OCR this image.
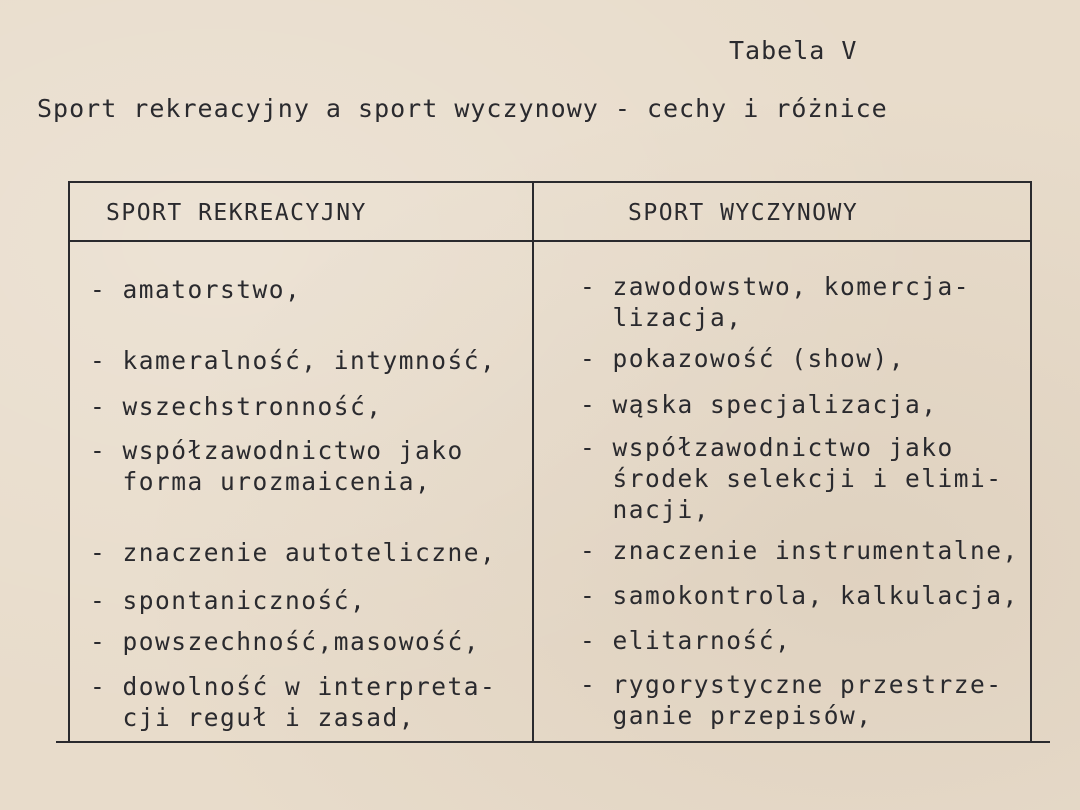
Tabela V
Sport rekreacyjny a sport wyczynowy - cechy i różnice
SPORT REKREACYJNY	SPORT WYCZYNOWY
- amatorstwo,
- kameralność, intymność,
- wszechstronność,
- współzawodnictwo jako
forma urozmaicenia,
- znaczenie autoteliczne,
- spontaniczność,
- powszechność,masowość,
- dowolność w interpreta-
cji reguł i zasad,
- zawodowstwo, komercja-
lizacja,
- pokazowość (show),
- wąska specjalizacja,
- współzawodnictwo jako
środek selekcji i elimi-
nacji,
- znaczenie instrumentalne,
- samokontrola, kalkulacja,
- elitarność,
- rygorystyczne przestrze-
ganie przepisów,
